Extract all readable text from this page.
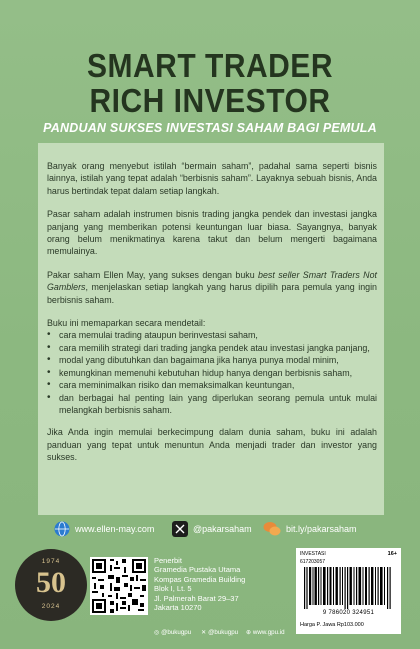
SMART TRADER
RICH INVESTOR
PANDUAN SUKSES INVESTASI SAHAM BAGI PEMULA

Banyak orang menyebut istilah “bermain saham”, padahal sama seperti bisnis lainnya, istilah yang tepat adalah “berbisnis saham”. Layaknya sebuah bisnis, Anda harus bertindak tepat dalam setiap langkah.

Pasar saham adalah instrumen bisnis trading jangka pendek dan investasi jangka panjang yang memberikan potensi keuntungan luar biasa. Sayangnya, banyak orang belum menikmatinya karena takut dan belum mengerti bagaimana memulainya.

Pakar saham Ellen May, yang sukses dengan buku best seller Smart Traders Not Gamblers, menjelaskan setiap langkah yang harus dipilih para pemula yang ingin berbisnis saham.

Buku ini memaparkan secara mendetail:

• cara memulai trading ataupun berinvestasi saham,
• cara memilih strategi dari trading jangka pendek atau investasi jangka panjang,
• modal yang dibutuhkan dan bagaimana jika hanya punya modal minim,
• kemungkinan memenuhi kebutuhan hidup hanya dengan berbisnis saham,
• cara meminimalkan risiko dan memaksimalkan keuntungan,
• dan berbagai hal penting lain yang diperlukan seorang pemula untuk mulai melangkah berbisnis saham.

Jika Anda ingin memulai berkecimpung dalam dunia saham, buku ini adalah panduan yang tepat untuk menuntun Anda menjadi trader dan investor yang sukses.

www.ellen-may.com	@pakarsaham	bit.ly/pakarsaham
1974
50
2024
Penerbit
Gramedia Pustaka Utama
Kompas Gramedia Building
Blok I, Lt. 5
Jl. Palmerah Barat 29–37
Jakarta 10270
◎ @bukugpu ✕ @bukugpu ⊕ www.gpu.id
INVESTASI	16+
617203057
9 786020 324951
Harga P. Jawa Rp103.000
